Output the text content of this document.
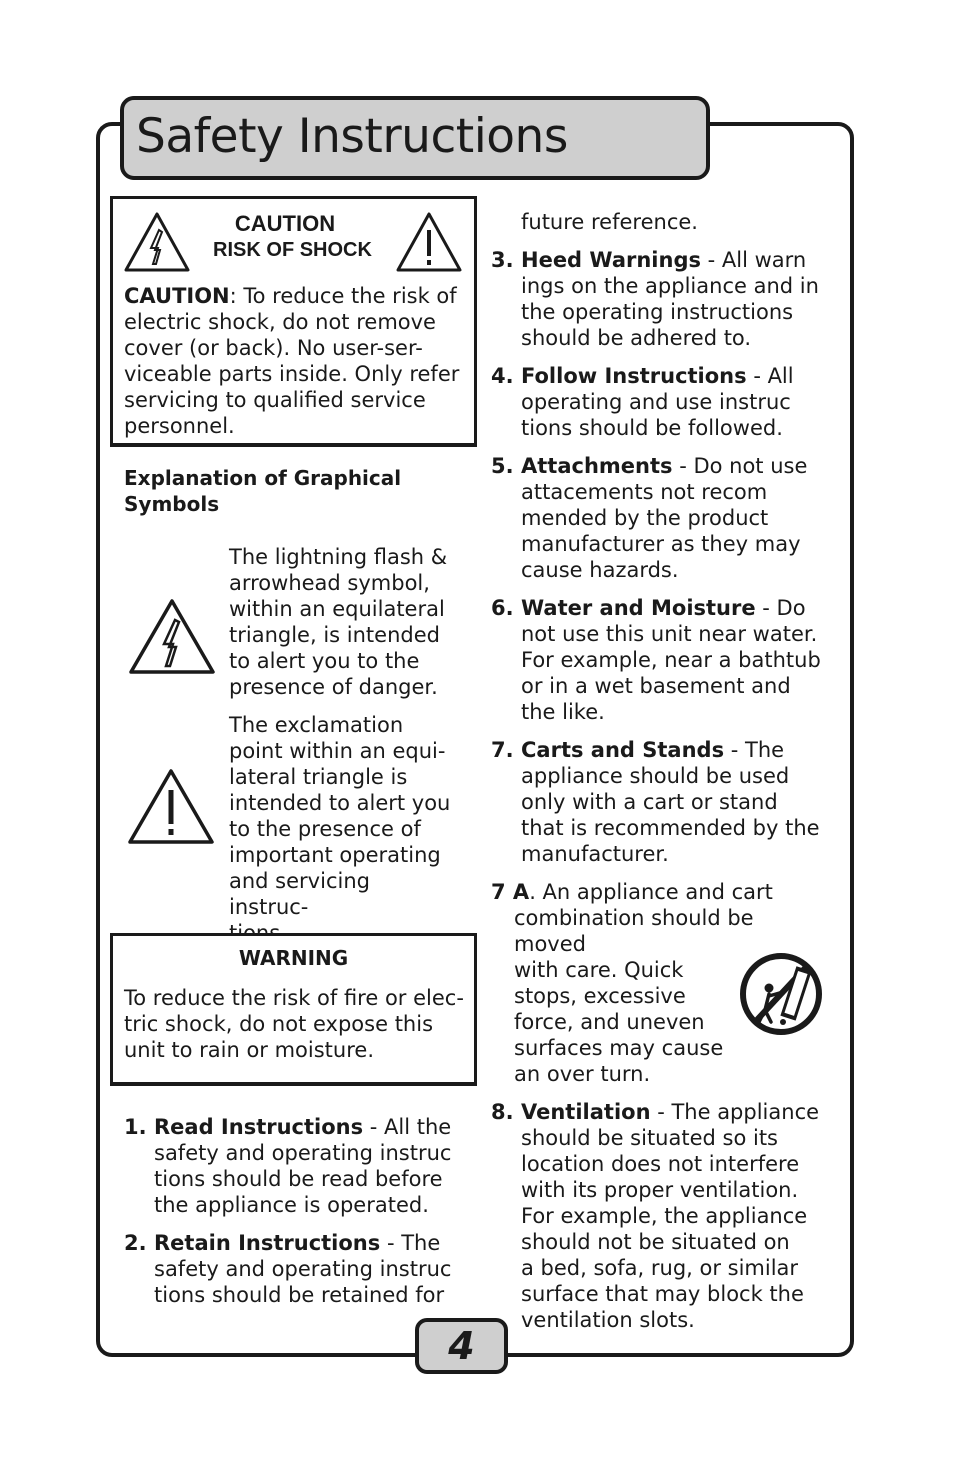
Safety Instructions
CAUTION
RISK OF SHOCK
CAUTION: To reduce the risk of
electric shock, do not remove
cover (or back). No user-ser-
viceable parts inside. Only refer
servicing to qualified service
personnel.
Explanation of Graphical
Symbols
The lightning flash &
arrowhead symbol,
within an equilateral
triangle, is intended
to alert you to the
presence of danger.
The exclamation
point within an equi-
lateral triangle is
intended to alert you
to the presence of
important operating
and servicing instruc-
WARNING
To reduce the risk of fire or elec-
tric shock, do not expose this
unit to rain or moisture.
1. Read Instructions - All the
safety and operating instruc
tions should be read before
the appliance is operated.
2. Retain Instructions - The
safety and operating instruc
tions should be retained for
future reference.
3. Heed Warnings - All warn
ings on the appliance and in
the operating instructions
should be adhered to.
4. Follow Instructions - All
operating and use instruc
tions should be followed.
5. Attachments - Do not use
attacements not recom
mended by the product
manufacturer as they may
cause hazards.
6. Water and Moisture - Do
not use this unit near water.
For example, near a bathtub
or in a wet basement and
the like.
7. Carts and Stands - The
appliance should be used
only with a cart or stand
that is recommended by the
manufacturer.
7 A. An appliance and cart
combination should be moved
with care. Quick
stops, excessive
force, and uneven
surfaces may cause
an over turn.
8. Ventilation - The appliance
should be situated so its
location does not interfere
with its proper ventilation.
For example, the appliance
should not be situated on
a bed, sofa, rug, or similar
surface that may block the
ventilation slots.
4
